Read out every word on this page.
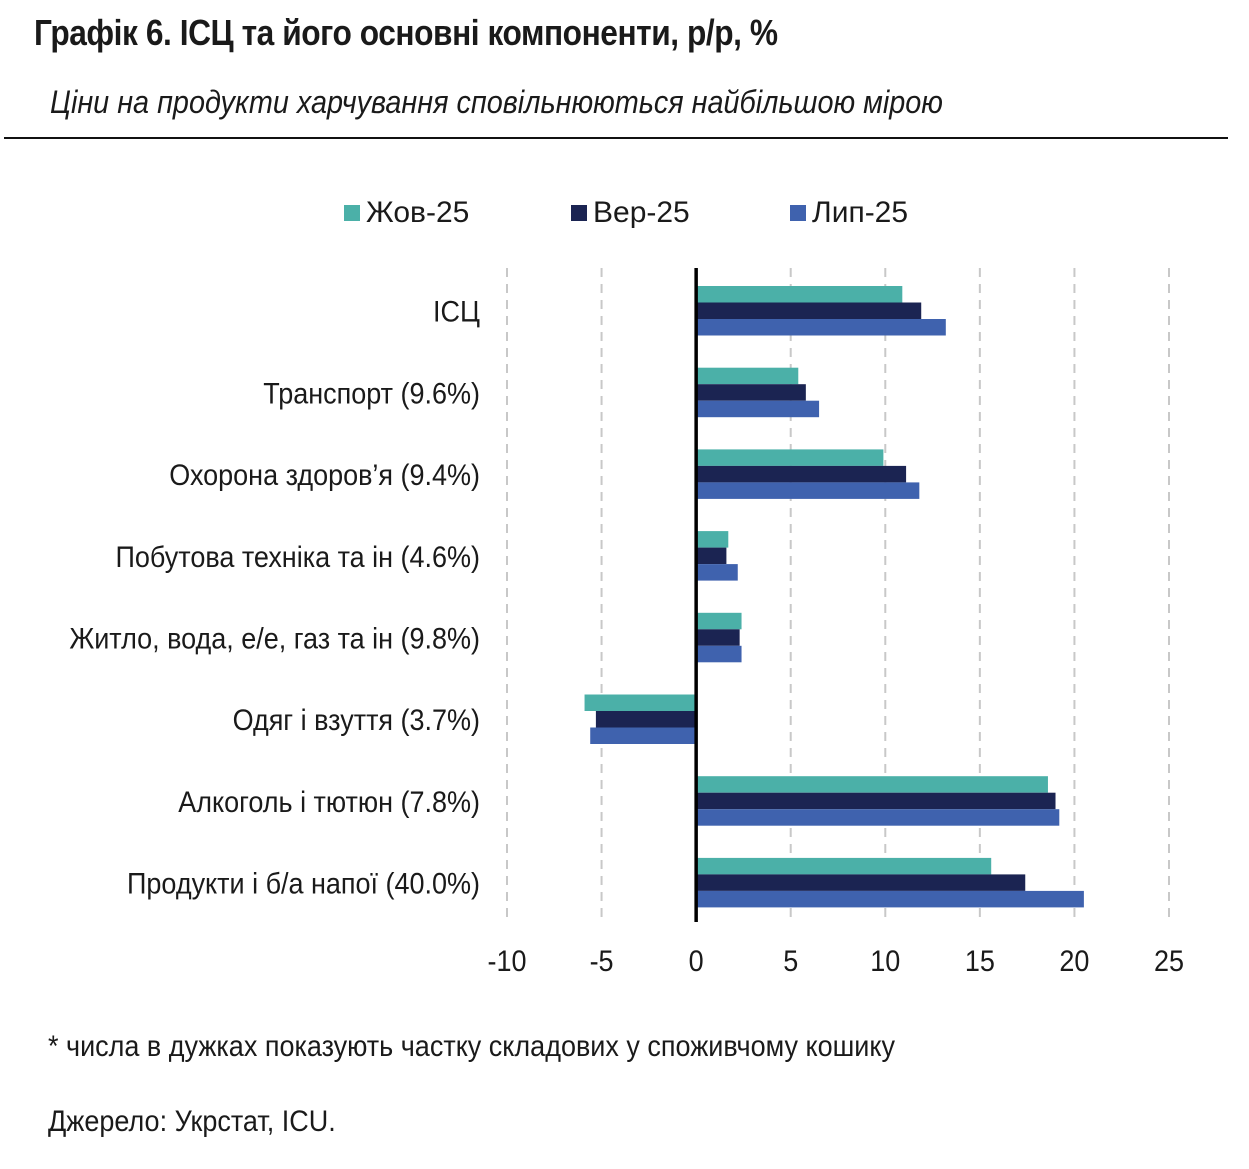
Графік 6. ІСЦ та його основні компоненти, р/р, %
Ціни на продукти харчування сповільнюються найбільшою мірою
Жов-25	Вер-25	Лип-25
ІСЦ
Транспорт (9.6%)
Охорона здоров’я (9.4%)
Побутова техніка та ін (4.6%)
Житло, вода, е/е, газ та ін (9.8%)
Одяг і взуття (3.7%)
Алкоголь і тютюн (7.8%)
Продукти і б/а напої (40.0%)
-10 -5	0	5 10 15 20 25
* числа в дужках показують частку складових у споживчому кошику
Джерело: Укрстат, ICU.
